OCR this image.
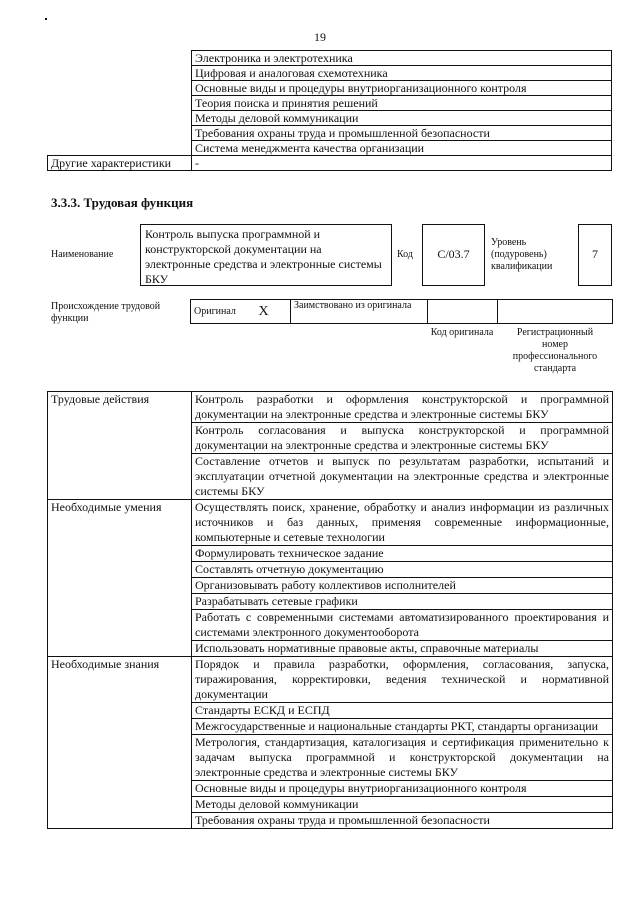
19
	Электроника и электротехника
	Цифровая и аналоговая схемотехника
	Основные виды и процедуры внутриорганизационного контроля
	Теория поиска и принятия решений
	Методы деловой коммуникации
	Требования охраны труда и промышленной безопасности
	Система менеджмента качества организации
Другие характеристики	-
3.3.3. Трудовая функция
Наименование
Контроль выпуска программной и конструкторской документации на электронные средства и электронные системы БКУ
Код	C/03.7
Уровень (подуровень) квалификации
7
Происхождение трудовой функции
Оригинал	X	Заимствовано из оригинала		
Код оригинала	Регистрационный номер профессионального стандарта
Трудовые действия	Контроль разработки и оформления конструкторской и программной документации на электронные средства и электронные системы БКУ
	Контроль согласования и выпуска конструкторской и программной документации на электронные средства и электронные системы БКУ
	Составление отчетов и выпуск по результатам разработки, испытаний и эксплуатации отчетной документации на электронные средства и электронные системы БКУ
Необходимые умения	Осуществлять поиск, хранение, обработку и анализ информации из различных источников и баз данных, применяя современные информационные, компьютерные и сетевые технологии
	Формулировать техническое задание
	Составлять отчетную документацию
	Организовывать работу коллективов исполнителей
	Разрабатывать сетевые графики
	Работать с современными системами автоматизированного проектирования и системами электронного документооборота
	Использовать нормативные правовые акты, справочные материалы
Необходимые знания	Порядок и правила разработки, оформления, согласования, запуска, тиражирования, корректировки, ведения технической и нормативной документации
	Стандарты ЕСКД и ЕСПД
	Межгосударственные и национальные стандарты РКТ, стандарты организации
	Метрология, стандартизация, каталогизация и сертификация применительно к задачам выпуска программной и конструкторской документации на электронные средства и электронные системы БКУ
	Основные виды и процедуры внутриорганизационного контроля
	Методы деловой коммуникации
	Требования охраны труда и промышленной безопасности
